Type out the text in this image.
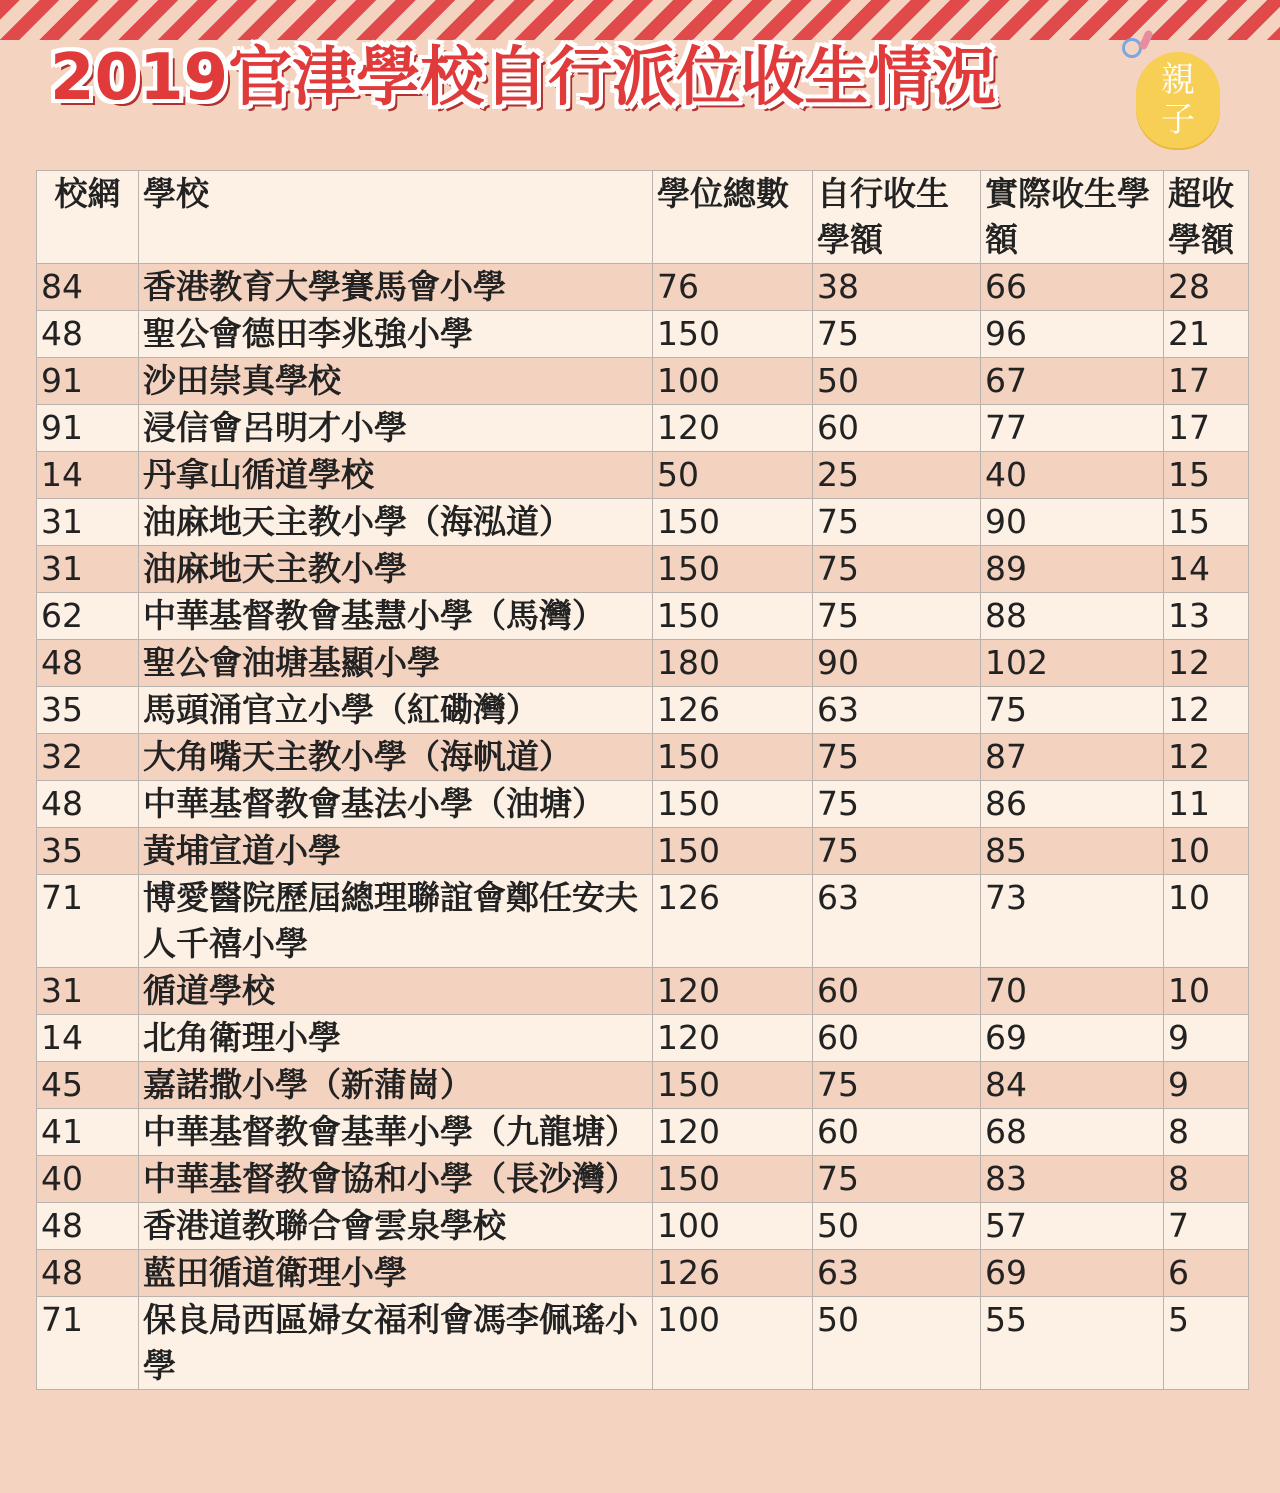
2019官津學校自行派位收生情況	親
子
校網	學校	學位總數	自行收生學額	實際收生學額	超收學額
84	香港教育大學賽馬會小學	76	38	66	28
48	聖公會德田李兆強小學	150	75	96	21
91	沙田崇真學校	100	50	67	17
91	浸信會呂明才小學	120	60	77	17
14	丹拿山循道學校	50	25	40	15
31	油麻地天主教小學（海泓道）	150	75	90	15
31	油麻地天主教小學	150	75	89	14
62	中華基督教會基慧小學（馬灣）	150	75	88	13
48	聖公會油塘基顯小學	180	90	102	12
35	馬頭涌官立小學（紅磡灣）	126	63	75	12
32	大角嘴天主教小學（海帆道）	150	75	87	12
48	中華基督教會基法小學（油塘）	150	75	86	11
35	黃埔宣道小學	150	75	85	10
71	博愛醫院歷屆總理聯誼會鄭任安夫人千禧小學	126	63	73	10
31	循道學校	120	60	70	10
14	北角衛理小學	120	60	69	9
45	嘉諾撒小學（新蒲崗）	150	75	84	9
41	中華基督教會基華小學（九龍塘）	120	60	68	8
40	中華基督教會協和小學（長沙灣）	150	75	83	8
48	香港道教聯合會雲泉學校	100	50	57	7
48	藍田循道衛理小學	126	63	69	6
71	保良局西區婦女福利會馮李佩瑤小學	100	50	55	5
